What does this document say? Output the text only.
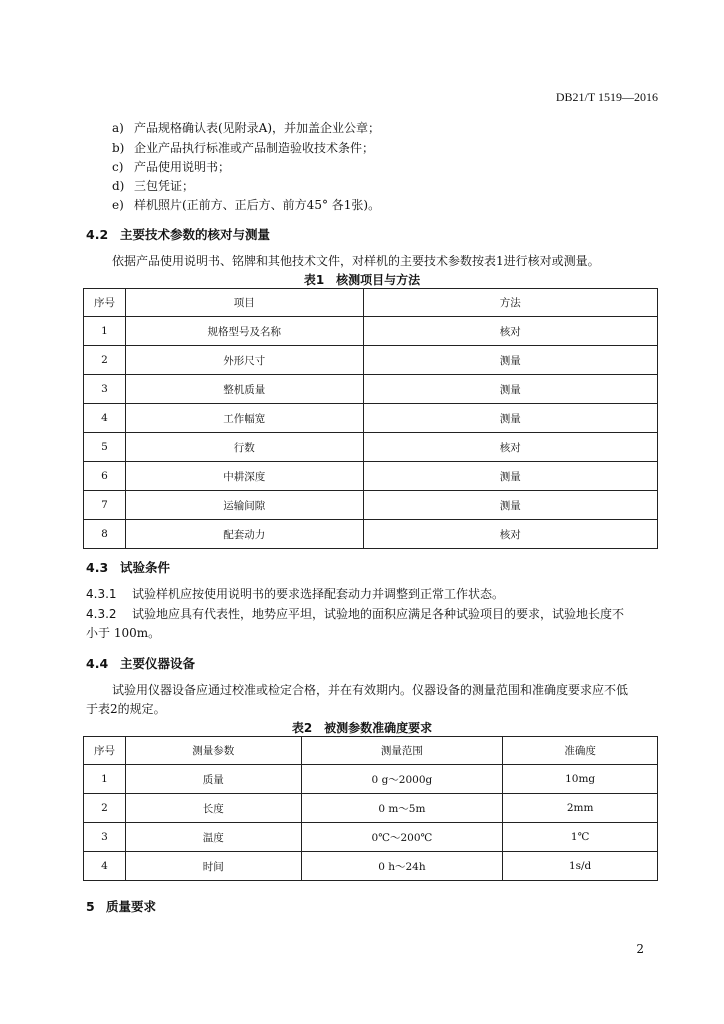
DB21/T 1519—2016
a) 产品规格确认表(见附录A)，并加盖企业公章；
b) 企业产品执行标准或产品制造验收技术条件；
c) 产品使用说明书；
d) 三包凭证；
e) 样机照片(正前方、正后方、前方45° 各1张)。
4.2 主要技术参数的核对与测量
依据产品使用说明书、铭牌和其他技术文件，对样机的主要技术参数按表1进行核对或测量。
表1　核测项目与方法
序号	项目	方法
1	规格型号及名称	核对
2	外形尺寸	测量
3	整机质量	测量
4	工作幅宽	测量
5	行数	核对
6	中耕深度	测量
7	运输间隙	测量
8	配套动力	核对
4.3 试验条件
4.3.1 试验样机应按使用说明书的要求选择配套动力并调整到正常工作状态。
4.3.2 试验地应具有代表性，地势应平坦，试验地的面积应满足各种试验项目的要求，试验地长度不
小于 100m。
4.4 主要仪器设备
试验用仪器设备应通过校准或检定合格，并在有效期内。仪器设备的测量范围和准确度要求应不低
于表2的规定。
表2　被测参数准确度要求
序号	测量参数	测量范围	准确度
1	质量	0 g～2000g	10mg
2	长度	0 m～5m	2mm
3	温度	0℃～200℃	1℃
4	时间	0 h～24h	1s/d
5 质量要求
2
